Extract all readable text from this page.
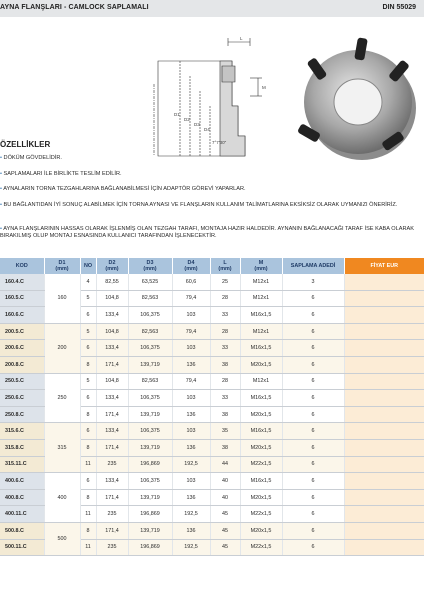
AYNA FLANŞLARI - CAMLOCK SAPLAMALI	DIN 55029
L
M
D1
D2
D3
D4
7°7'30"
ÖZELLİKLER
• DÖKÜM GÖVDELİDİR.
• SAPLAMALARI İLE BİRLİKTE TESLİM EDİLİR.
• AYNALARIN TORNA TEZGAHLARINA BAĞLANABİLMESİ İÇİN ADAPTÖR GÖREVİ YAPARLAR.
• BU BAĞLANTIDAN İYİ SONUÇ ALABİLMEK İÇİN TORNA AYNASI VE FLANŞLARIN KULLANIM TALİMATLARINA EKSİKSİZ OLARAK UYMANIZI ÖNERİRİZ.
• AYNA FLANŞLARININ HASSAS OLARAK İŞLENMİŞ OLAN TEZGAH TARAFI, MONTAJA HAZIR HALDEDİR. AYNANIN BAĞLANACAĞI TARAF İSE KABA OLARAK BIRAKILMIŞ OLUP MONTAJ ESNASINDA KULLANICI TARAFINDAN İŞLENECEKTİR.
KOD	D1
(mm)	NO	D2
(mm)	D3
(mm)	D4
(mm)	L
(mm)	M
(mm)	SAPLAMA ADEDİ	FİYAT EUR
160.4.C	160	4	82,55	63,525	60,6	25	M12x1	3	
160.5.C		5	104,8	82,563	79,4	28	M12x1	6	
160.6.C		6	133,4	106,375	103	33	M16x1,5	6	
200.5.C	200	5	104,8	82,563	79,4	28	M12x1	6	
200.6.C		6	133,4	106,375	103	33	M16x1,5	6	
200.8.C		8	171,4	139,719	136	38	M20x1,5	6	
250.5.C	250	5	104,8	82,563	79,4	28	M12x1	6	
250.6.C		6	133,4	106,375	103	33	M16x1,5	6	
250.8.C		8	171,4	139,719	136	38	M20x1,5	6	
315.6.C	315	6	133,4	106,375	103	35	M16x1,5	6	
315.8.C		8	171,4	139,719	136	38	M20x1,5	6	
315.11.C		11	235	196,869	192,5	44	M22x1,5	6	
400.6.C	400	6	133,4	106,375	103	40	M16x1,5	6	
400.8.C		8	171,4	139,719	136	40	M20x1,5	6	
400.11.C		11	235	196,869	192,5	45	M22x1,5	6	
500.8.C	500	8	171,4	139,719	136	45	M20x1,5	6	
500.11.C		11	235	196,869	192,5	45	M22x1,5	6	
